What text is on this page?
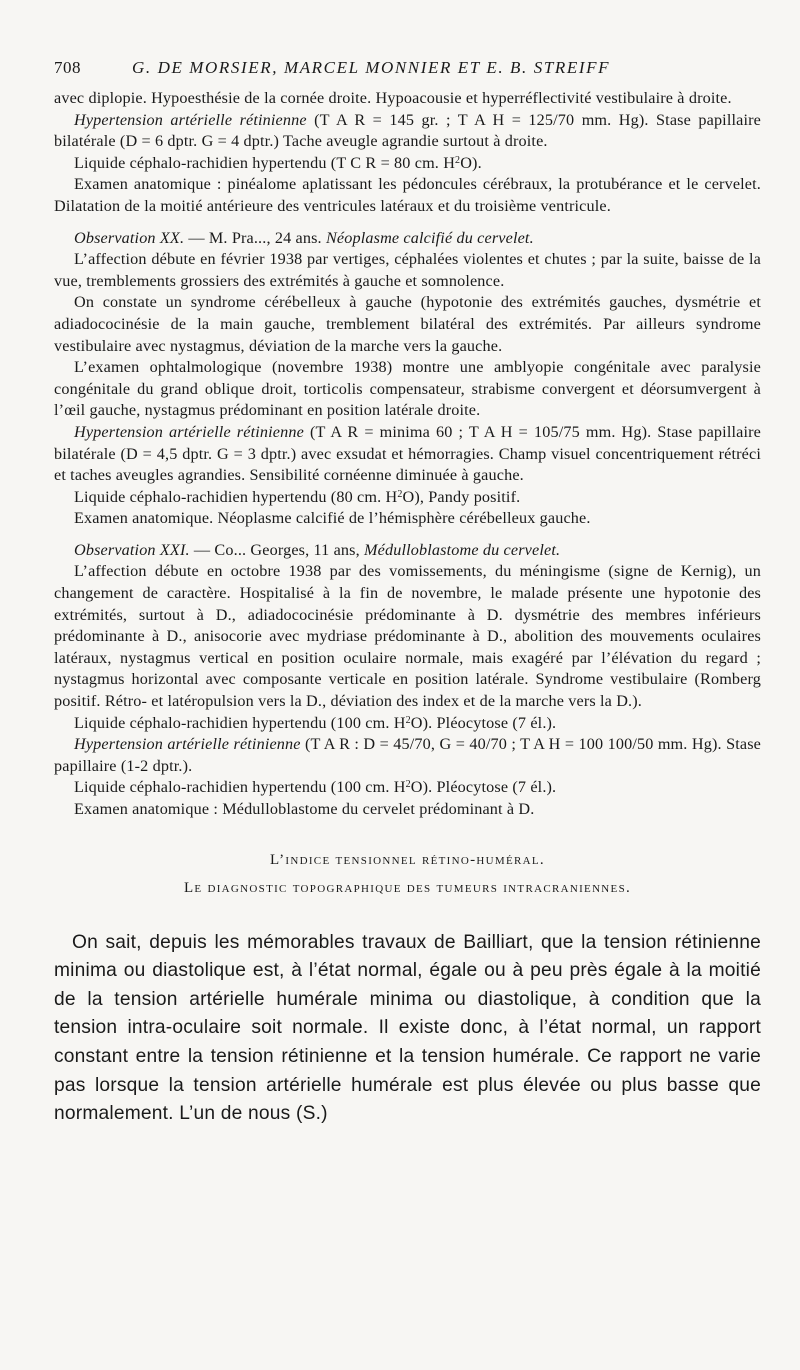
708	G. DE MORSIER, MARCEL MONNIER ET E. B. STREIFF

avec diplopie. Hypoesthésie de la cornée droite. Hypoacousie et hyperréflectivité vestibulaire à droite.

Hypertension artérielle rétinienne (T A R = 145 gr. ; T A H = 125/70 mm. Hg). Stase papillaire bilatérale (D = 6 dptr. G = 4 dptr.) Tache aveugle agrandie surtout à droite.

Liquide céphalo-rachidien hypertendu (T C R = 80 cm. $H^2O$).

Examen anatomique : pinéalome aplatissant les pédoncules cérébraux, la protubérance et le cervelet. Dilatation de la moitié antérieure des ventricules latéraux et du troisième ventricule.

Observation XX. — M. Pra..., 24 ans. Néoplasme calcifié du cervelet.

L’affection débute en février 1938 par vertiges, céphalées violentes et chutes ; par la suite, baisse de la vue, tremblements grossiers des extrémités à gauche et somnolence.

On constate un syndrome cérébelleux à gauche (hypotonie des extrémités gauches, dysmétrie et adiadococinésie de la main gauche, tremblement bilatéral des extrémités. Par ailleurs syndrome vestibulaire avec nystagmus, déviation de la marche vers la gauche.

L’examen ophtalmologique (novembre 1938) montre une amblyopie congénitale avec paralysie congénitale du grand oblique droit, torticolis compensateur, strabisme convergent et déorsumvergent à l’œil gauche, nystagmus prédominant en position latérale droite.

Hypertension artérielle rétinienne (T A R = minima 60 ; T A H = 105/75 mm. Hg). Stase papillaire bilatérale (D = 4,5 dptr. G = 3 dptr.) avec exsudat et hémorragies. Champ visuel concentriquement rétréci et taches aveugles agrandies. Sensibilité cornéenne diminuée à gauche.

Liquide céphalo-rachidien hypertendu (80 cm. $H^2O$), Pandy positif.

Examen anatomique. Néoplasme calcifié de l’hémisphère cérébelleux gauche.

Observation XXI. — Co... Georges, 11 ans, Médulloblastome du cervelet.

L’affection débute en octobre 1938 par des vomissements, du méningisme (signe de Kernig), un changement de caractère. Hospitalisé à la fin de novembre, le malade présente une hypotonie des extrémités, surtout à D., adiadococinésie prédominante à D. dysmétrie des membres inférieurs prédominante à D., anisocorie avec mydriase prédominante à D., abolition des mouvements oculaires latéraux, nystagmus vertical en position oculaire normale, mais exagéré par l’élévation du regard ; nystagmus horizontal avec composante verticale en position latérale. Syndrome vestibulaire (Romberg positif. Rétro- et latéropulsion vers la D., déviation des index et de la marche vers la D.).

Liquide céphalo-rachidien hypertendu (100 cm. $H^2O$). Pléocytose (7 él.).

Hypertension artérielle rétinienne (T A R : D = 45/70, G = 40/70 ; T A H = 100 100/50 mm. Hg). Stase papillaire (1-2 dptr.).

Liquide céphalo-rachidien hypertendu (100 cm. $H^2O$). Pléocytose (7 él.).

Examen anatomique : Médulloblastome du cervelet prédominant à D.

L’indice tensionnel rétino-huméral.
Le diagnostic topographique des tumeurs intracraniennes.

On sait, depuis les mémorables travaux de Bailliart, que la tension rétinienne minima ou diastolique est, à l’état normal, égale ou à peu près égale à la moitié de la tension artérielle humérale minima ou diastolique, à condition que la tension intra-oculaire soit normale. Il existe donc, à l’état normal, un rapport constant entre la tension rétinienne et la tension humérale. Ce rapport ne varie pas lorsque la tension artérielle humérale est plus élevée ou plus basse que normalement. L’un de nous (S.)
